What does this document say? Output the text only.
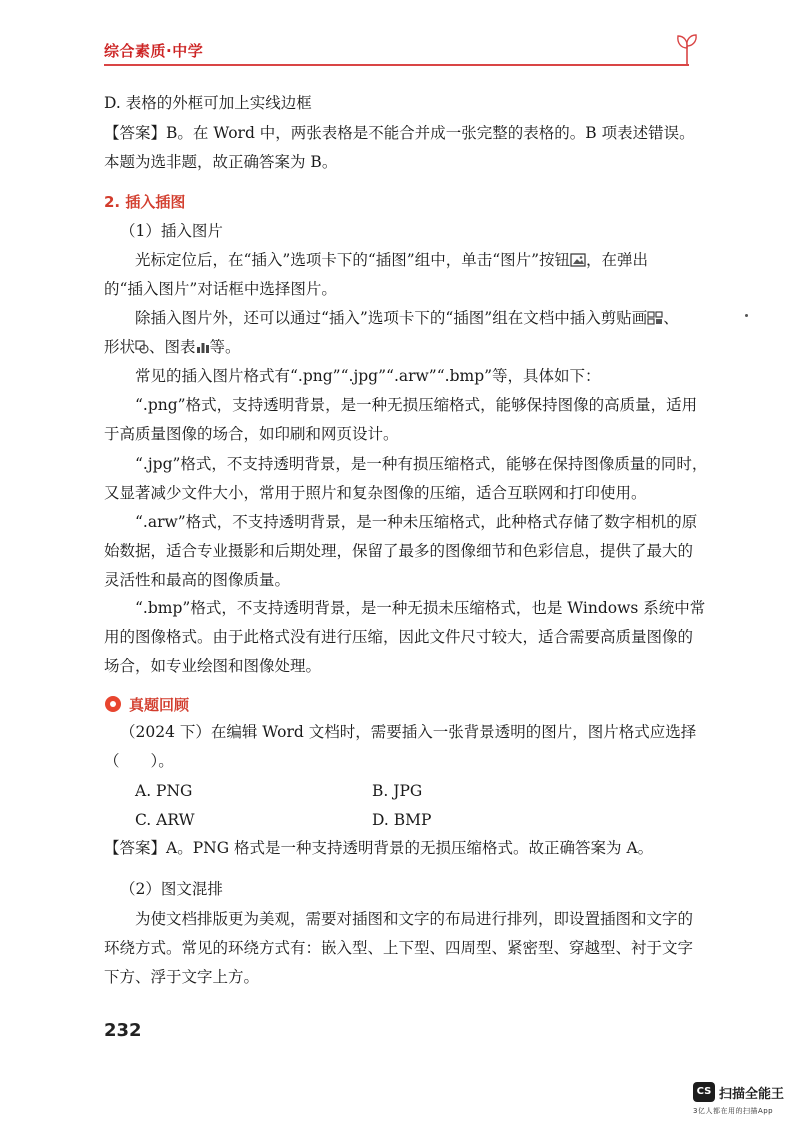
综合素质·中学
D. 表格的外框可加上实线边框
【答案】B。在 Word 中，两张表格是不能合并成一张完整的表格的。B 项表述错误。
本题为选非题，故正确答案为 B。
2. 插入插图
（1）插入图片
光标定位后，在“插入”选项卡下的“插图”组中，单击“图片”按钮 ，在弹出
的“插入图片”对话框中选择图片。
除插入图片外，还可以通过“插入”选项卡下的“插图”组在文档中插入剪贴画 、
形状 、图表 等。
常见的插入图片格式有“.png”“.jpg”“.arw”“.bmp”等，具体如下：
“.png”格式，支持透明背景，是一种无损压缩格式，能够保持图像的高质量，适用
于高质量图像的场合，如印刷和网页设计。
“.jpg”格式，不支持透明背景，是一种有损压缩格式，能够在保持图像质量的同时，
又显著减少文件大小，常用于照片和复杂图像的压缩，适合互联网和打印使用。
“.arw”格式，不支持透明背景，是一种未压缩格式，此种格式存储了数字相机的原
始数据，适合专业摄影和后期处理，保留了最多的图像细节和色彩信息，提供了最大的
灵活性和最高的图像质量。
“.bmp”格式，不支持透明背景，是一种无损未压缩格式，也是 Windows 系统中常
用的图像格式。由于此格式没有进行压缩，因此文件尺寸较大，适合需要高质量图像的
场合，如专业绘图和图像处理。
真题回顾
（2024 下）在编辑 Word 文档时，需要插入一张背景透明的图片，图片格式应选择
（　　）。
A. PNG	B. JPG
C. ARW	D. BMP
【答案】A。PNG 格式是一种支持透明背景的无损压缩格式。故正确答案为 A。
（2）图文混排
为使文档排版更为美观，需要对插图和文字的布局进行排列，即设置插图和文字的
环绕方式。常见的环绕方式有：嵌入型、上下型、四周型、紧密型、穿越型、衬于文字
下方、浮于文字上方。
232
CS 扫描全能王
3亿人都在用的扫描App
